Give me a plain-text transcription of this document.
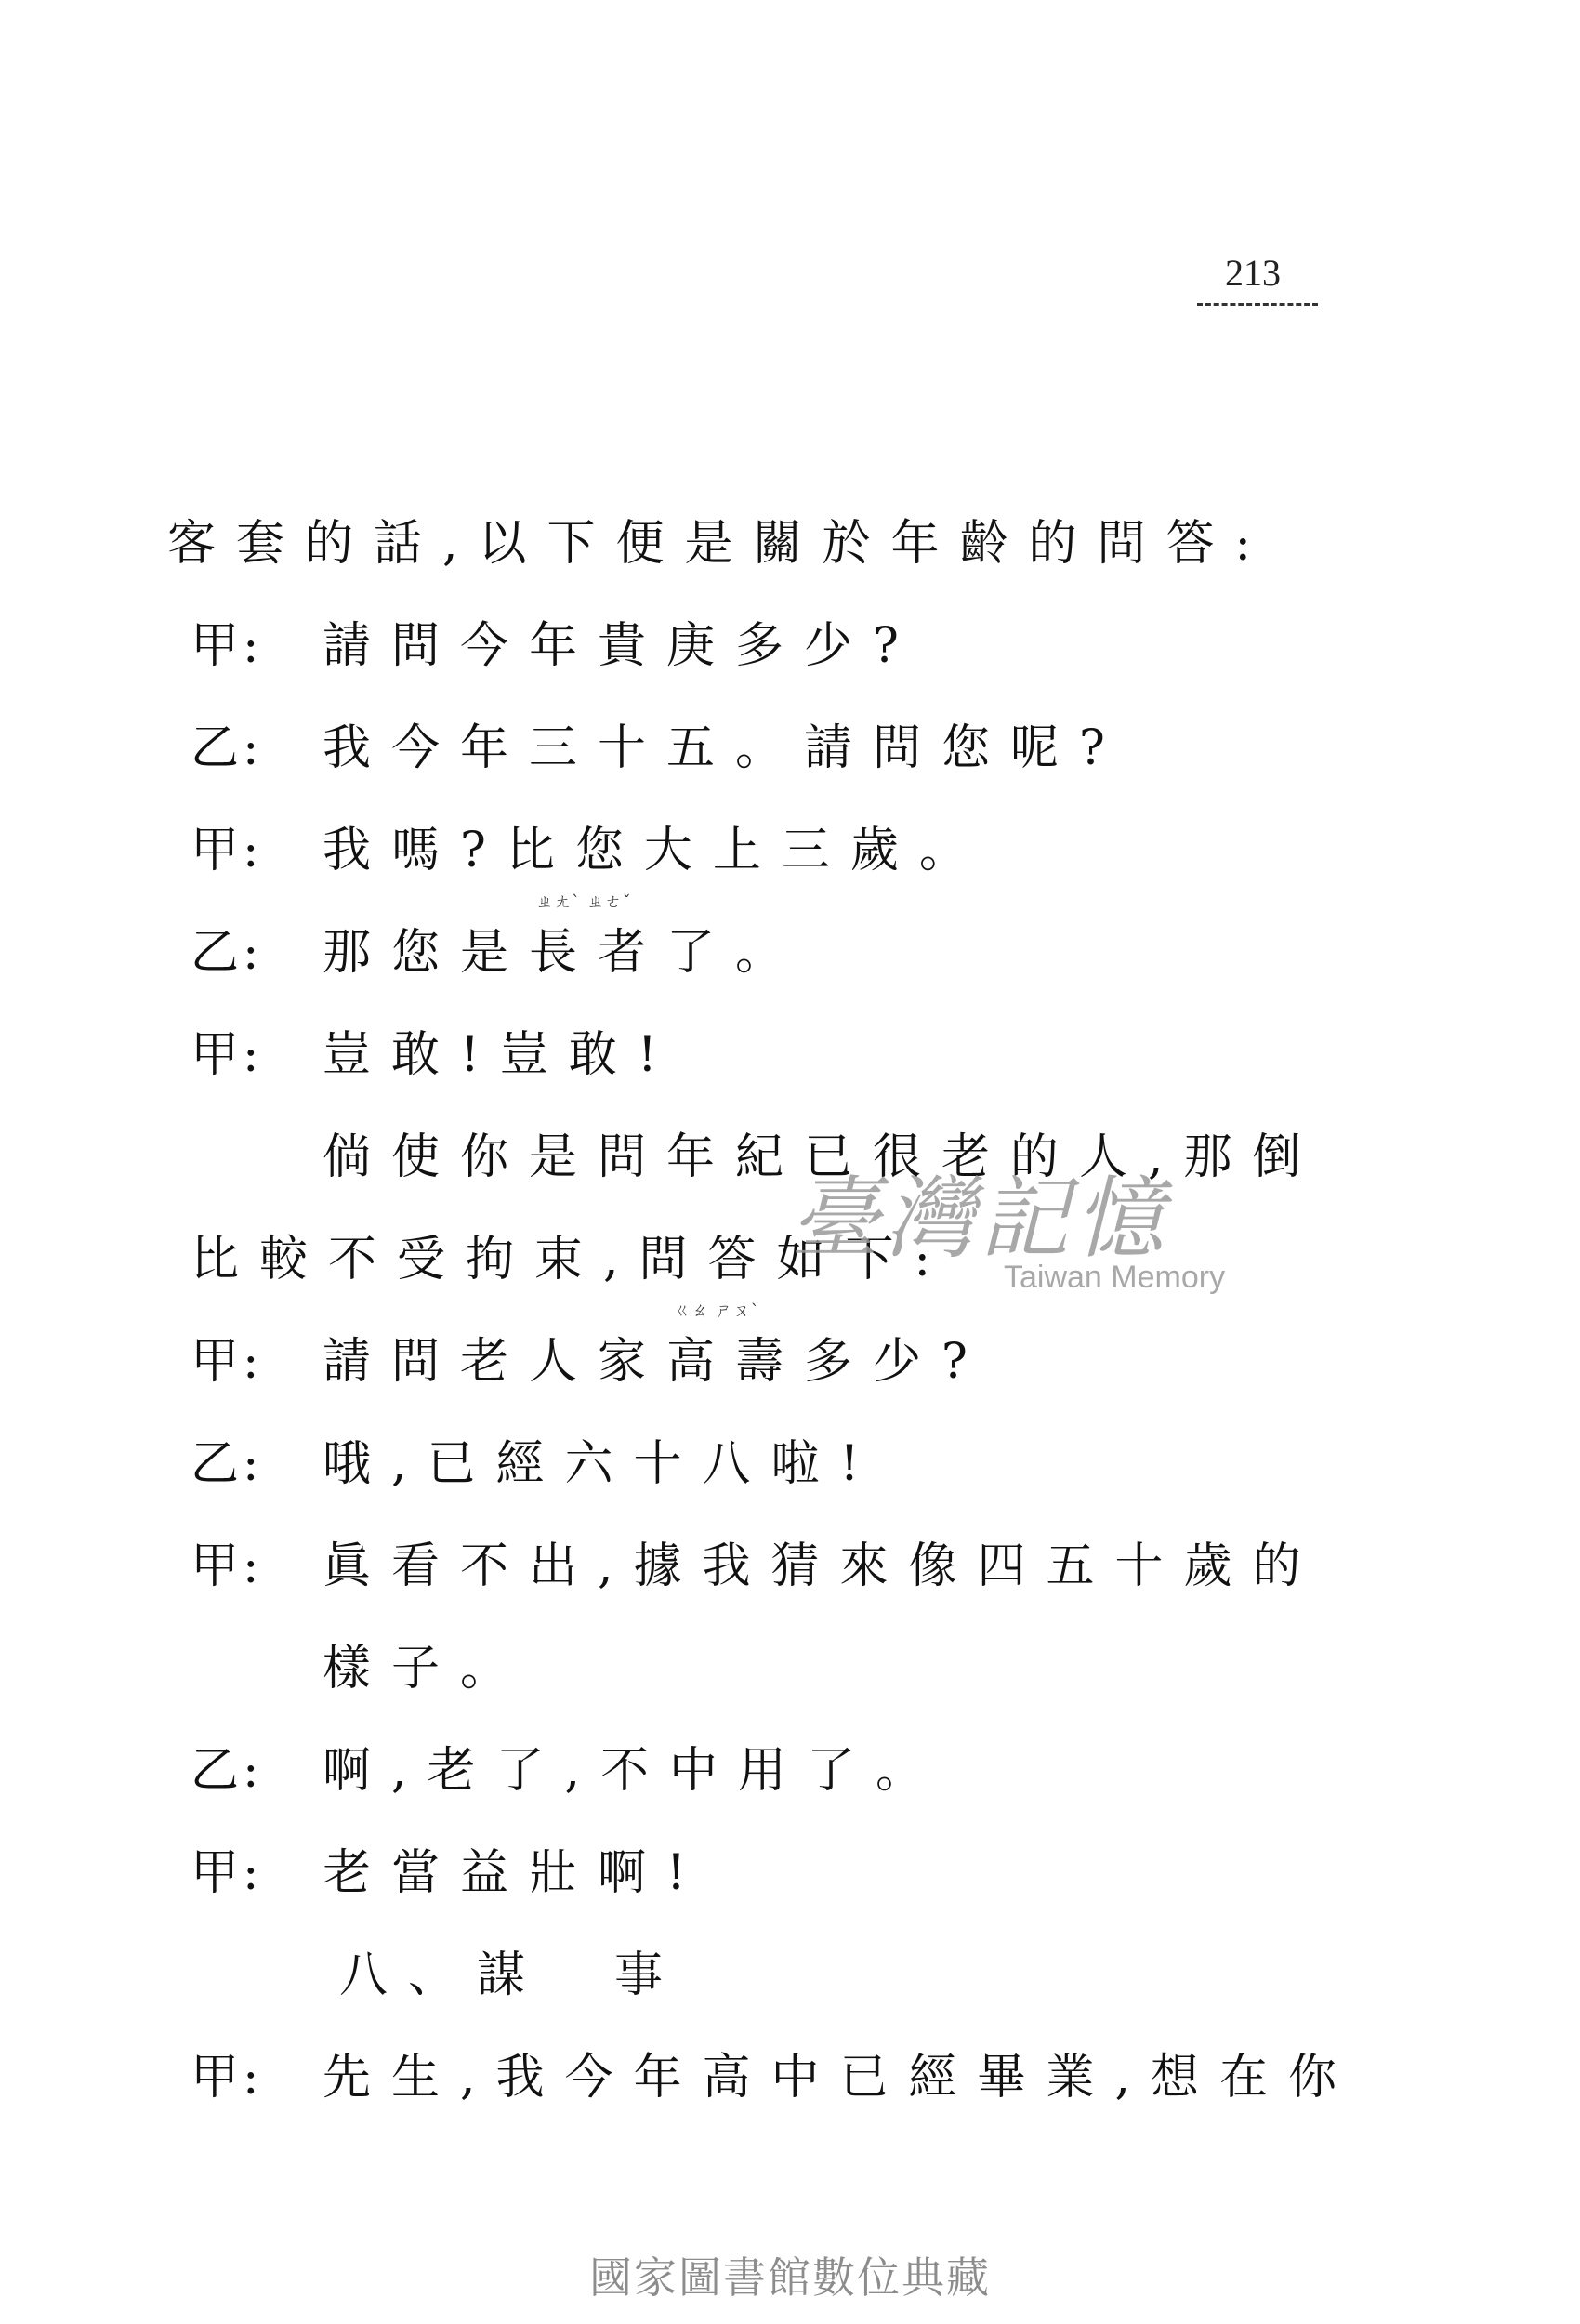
213
客套的話,以下便是關於年齡的問答:
甲: 請問今年貴庚多少?
乙: 我今年三十五。請問您呢?
甲: 我嗎?比您大上三歲。
乙: 那您是
ㄓㄤˋ ㄓㄜˇ
長者了。
甲: 豈敢!豈敢!
倘使你是問年紀已很老的人,那倒
比較不受拘束,問答如下:
甲: 請問老人家
ㄍㄠ ㄕㄡˋ
高壽多少?
乙: 哦,已經六十八啦!
甲: 眞看不出,據我猜來像四五十歲的
樣子。
乙: 啊,老了,不中用了。
甲: 老當益壯啊!
八、謀　事
甲: 先生,我今年高中已經畢業,想在你
臺灣記憶
Taiwan Memory
國家圖書館數位典藏
